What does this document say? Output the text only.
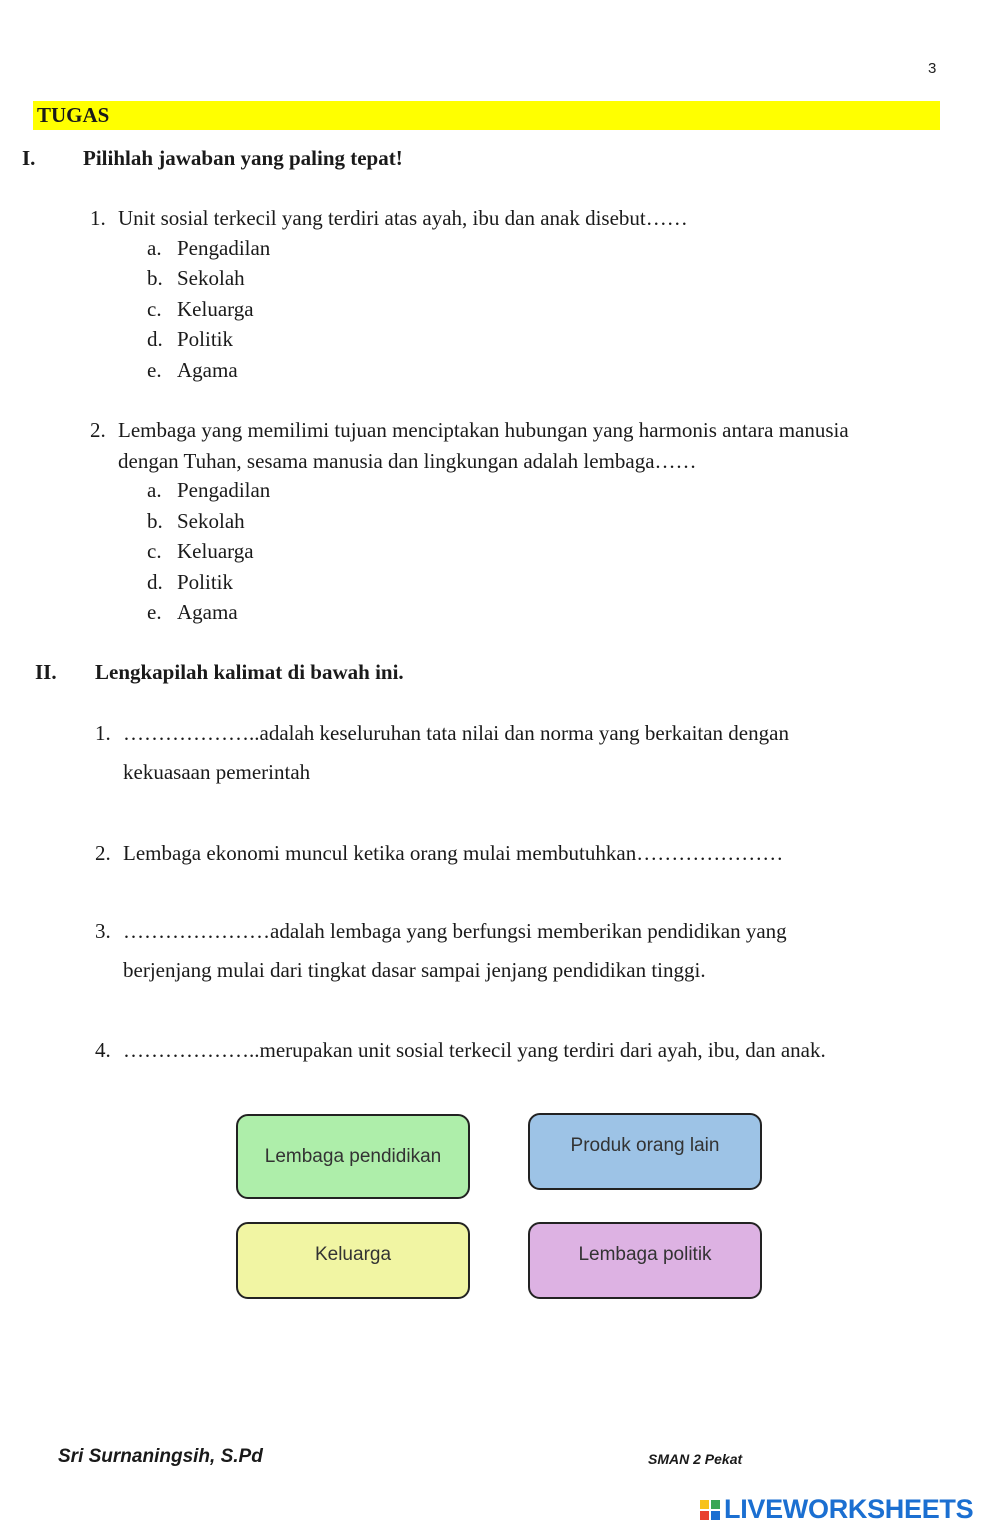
3
TUGAS
I. Pilihlah jawaban yang paling tepat!
1. Unit sosial terkecil yang terdiri atas ayah, ibu dan anak disebut……
a. Pengadilan
b. Sekolah
c. Keluarga
d. Politik
e. Agama
2. Lembaga yang memilimi tujuan menciptakan hubungan yang harmonis antara manusia
dengan Tuhan, sesama manusia dan lingkungan adalah lembaga……
a. Pengadilan
b. Sekolah
c. Keluarga
d. Politik
e. Agama
II. Lengkapilah kalimat di bawah ini.
1. ………………..adalah keseluruhan tata nilai dan norma yang berkaitan dengan
kekuasaan pemerintah
2. Lembaga ekonomi muncul ketika orang mulai membutuhkan…………………
3. …………………adalah lembaga yang berfungsi memberikan pendidikan yang
berjenjang mulai dari tingkat dasar sampai jenjang pendidikan tinggi.
4. ………………..merupakan unit sosial terkecil yang terdiri dari ayah, ibu, dan anak.
Lembaga pendidikan	Produk orang lain
Keluarga	Lembaga politik
Sri Surnaningsih, S.Pd	SMAN 2 Pekat
LIVEWORKSHEETS
